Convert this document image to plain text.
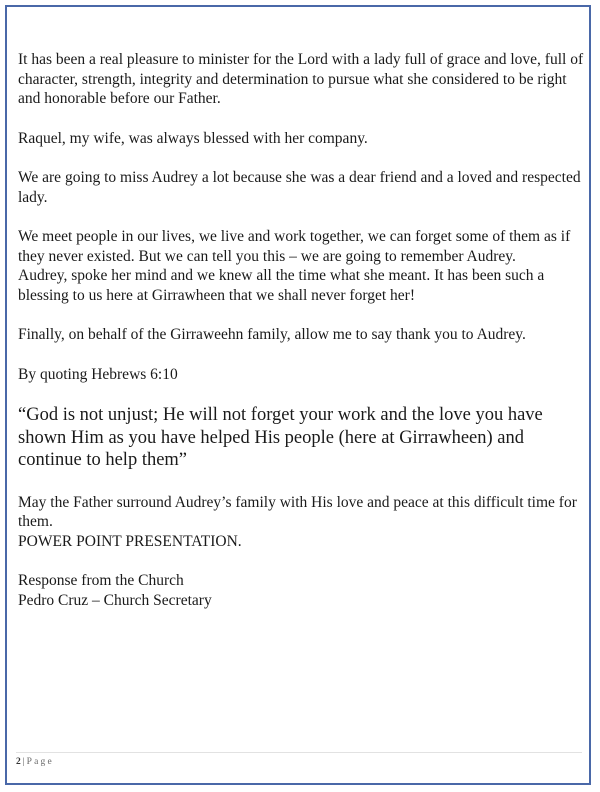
It has been a real pleasure to minister for the Lord with a lady full of grace and love, full of character, strength, integrity and determination to pursue what she considered to be right and honorable before our Father.

Raquel, my wife, was always blessed with her company.

We are going to miss Audrey a lot because she was a dear friend and a loved and respected lady.

We meet people in our lives, we live and work together, we can forget some of them as if they never existed. But we can tell you this – we are going to remember Audrey.

Audrey, spoke her mind and we knew all the time what she meant. It has been such a blessing to us here at Girrawheen that we shall never forget her!

Finally, on behalf of the Girraweehn family, allow me to say thank you to Audrey.

By quoting Hebrews 6:10

“God is not unjust; He will not forget your work and the love you have shown Him as you have helped His people (here at Girrawheen) and continue to help them”

May the Father surround Audrey’s family with His love and peace at this difficult time for them.

POWER POINT PRESENTATION.

Response from the Church

Pedro Cruz – Church Secretary

2 | Page
